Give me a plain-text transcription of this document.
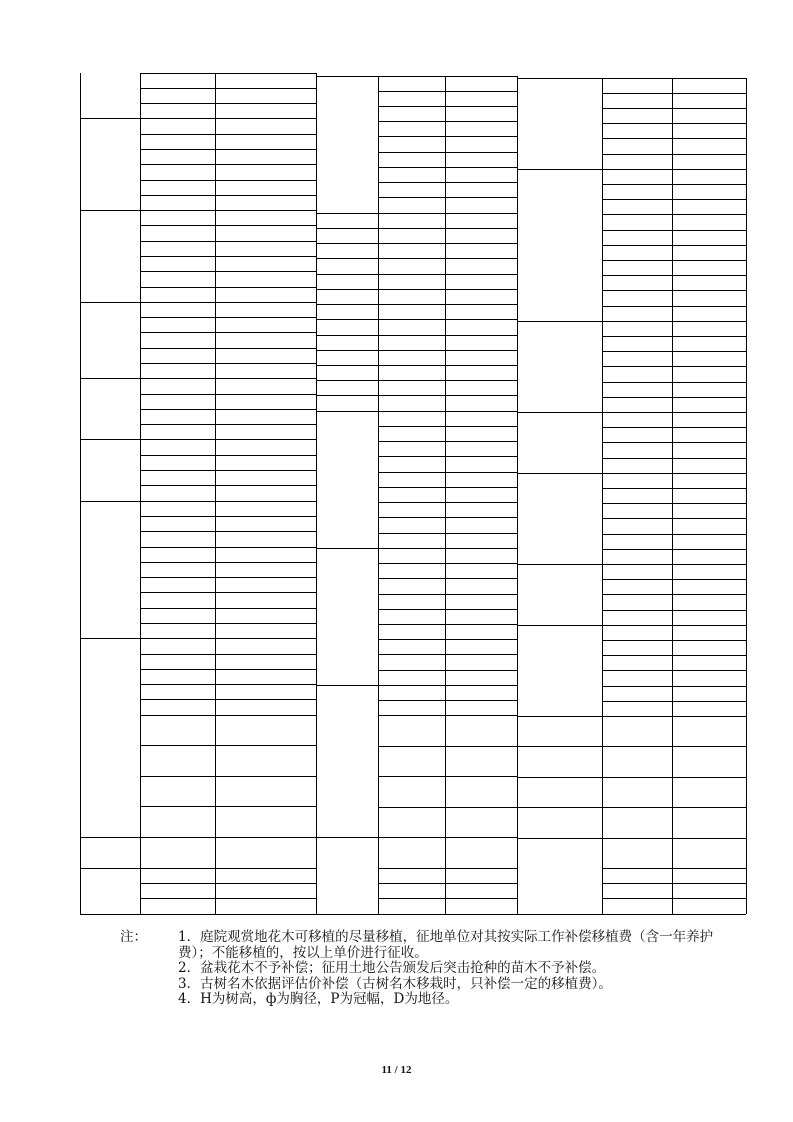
注：	1．庭院观赏地花木可移植的尽量移植，征地单位对其按实际工作补偿移植费（含一年养护费）；不能移植的，按以上单价进行征收。
2．盆栽花木不予补偿；征用土地公告颁发后突击抢种的苗木不予补偿。
3．古树名木依据评估价补偿（古树名木移栽时，只补偿一定的移植费）。
4．H为树高，ф为胸径，P为冠幅，D为地径。
11 / 12
